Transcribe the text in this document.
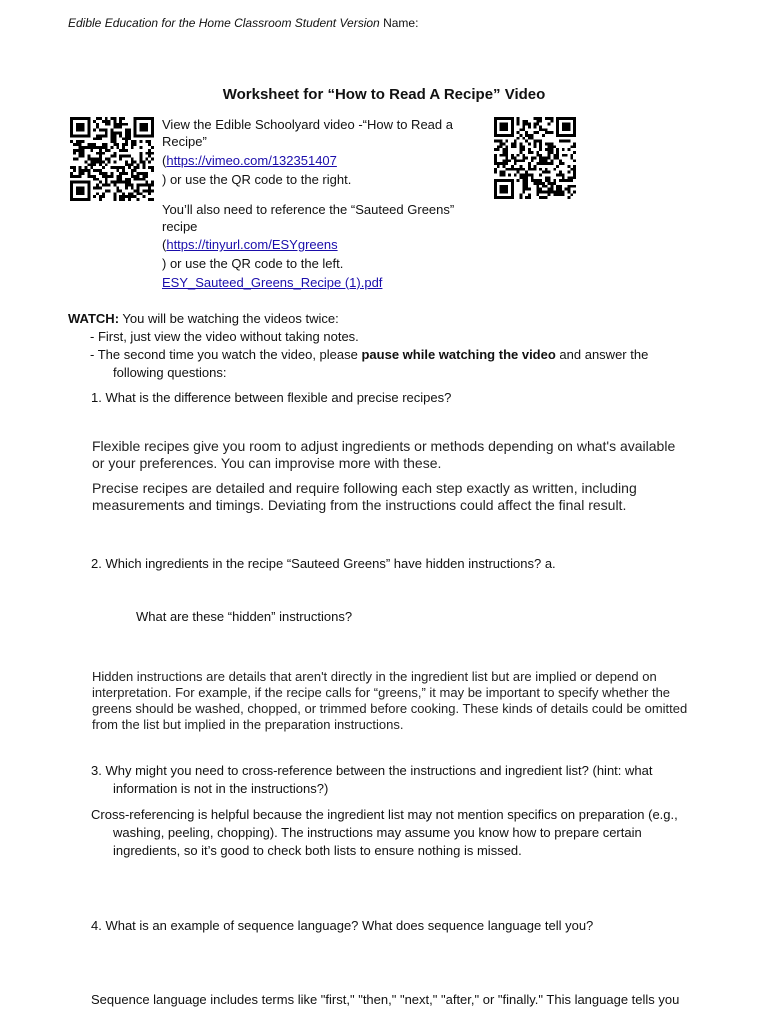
Edible Education for the Home Classroom Student Version Name:
Worksheet for “How to Read A Recipe” Video
View the Edible Schoolyard video -“How to Read a
Recipe”
(https://vimeo.com/132351407
) or use the QR code to the right.
You’ll also need to reference the “Sauteed Greens”
recipe
(https://tinyurl.com/ESYgreens
) or use the QR code to the left.
ESY_Sauteed_Greens_Recipe (1).pdf
WATCH: You will be watching the videos twice:
- First, just view the video without taking notes.
- The second time you watch the video, please pause while watching the video and answer the
following questions:
1. What is the difference between flexible and precise recipes?
Flexible recipes give you room to adjust ingredients or methods depending on what's available
or your preferences. You can improvise more with these.
Precise recipes are detailed and require following each step exactly as written, including
measurements and timings. Deviating from the instructions could affect the final result.
2. Which ingredients in the recipe “Sauteed Greens” have hidden instructions? a.
What are these “hidden” instructions?
Hidden instructions are details that aren't directly in the ingredient list but are implied or depend on
interpretation. For example, if the recipe calls for “greens,” it may be important to specify whether the
greens should be washed, chopped, or trimmed before cooking. These kinds of details could be omitted
from the list but implied in the preparation instructions.
3. Why might you need to cross-reference between the instructions and ingredient list? (hint: what
information is not in the instructions?)
Cross-referencing is helpful because the ingredient list may not mention specifics on preparation (e.g.,
washing, peeling, chopping). The instructions may assume you know how to prepare certain
ingredients, so it’s good to check both lists to ensure nothing is missed.
4. What is an example of sequence language? What does sequence language tell you?
Sequence language includes terms like "first," "then," "next," "after," or "finally." This language tells you
